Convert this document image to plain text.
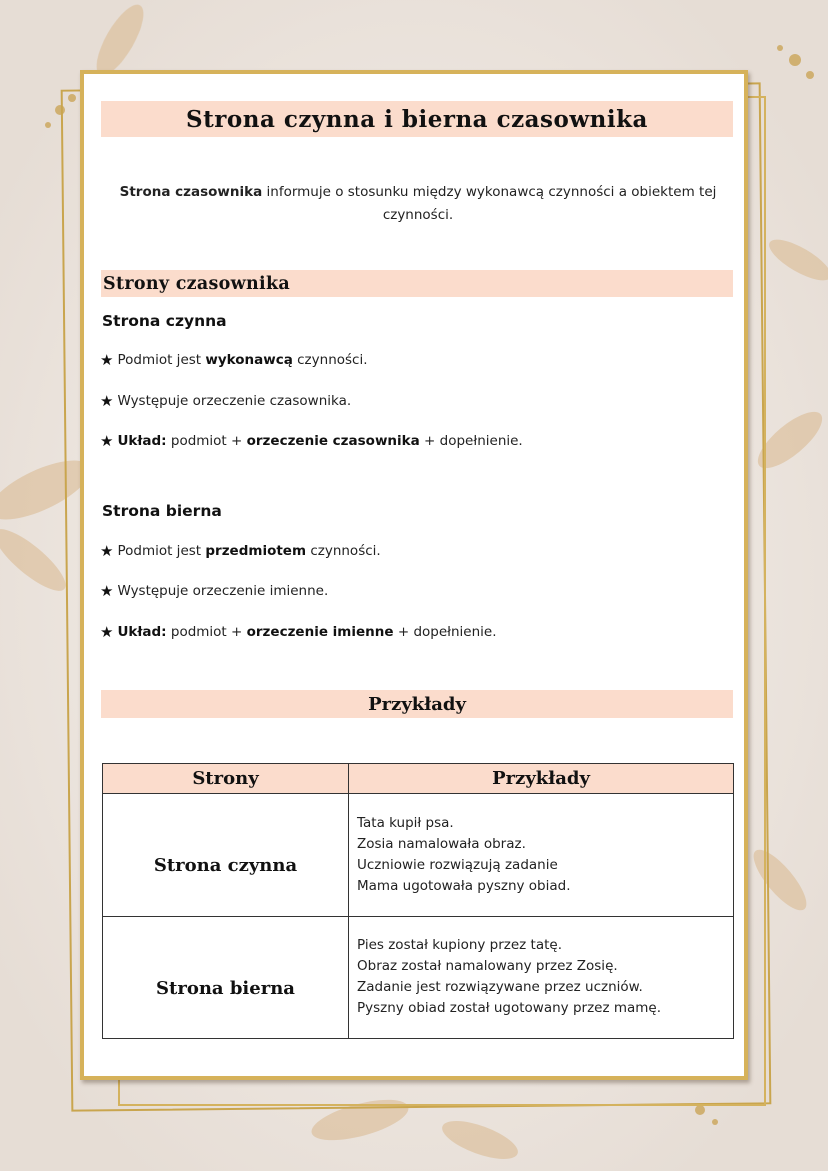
Strona czynna i bierna czasownika
Strona czasownika informuje o stosunku między wykonawcą czynności a obiektem tej
czynności.
Strony czasownika
Strona czynna
★ Podmiot jest wykonawcą czynności.
★ Występuje orzeczenie czasownika.
★ Układ: podmiot + orzeczenie czasownika + dopełnienie.
Strona bierna
★ Podmiot jest przedmiotem czynności.
★ Występuje orzeczenie imienne.
★ Układ: podmiot + orzeczenie imienne + dopełnienie.
Przykłady
Strony	Przykłady
Strona czynna	Tata kupił psa.
Zosia namalowała obraz.
Uczniowie rozwiązują zadanie
Mama ugotowała pyszny obiad.

Strona bierna	Pies został kupiony przez tatę.
Obraz został namalowany przez Zosię.
Zadanie jest rozwiązywane przez uczniów.
Pyszny obiad został ugotowany przez mamę.
